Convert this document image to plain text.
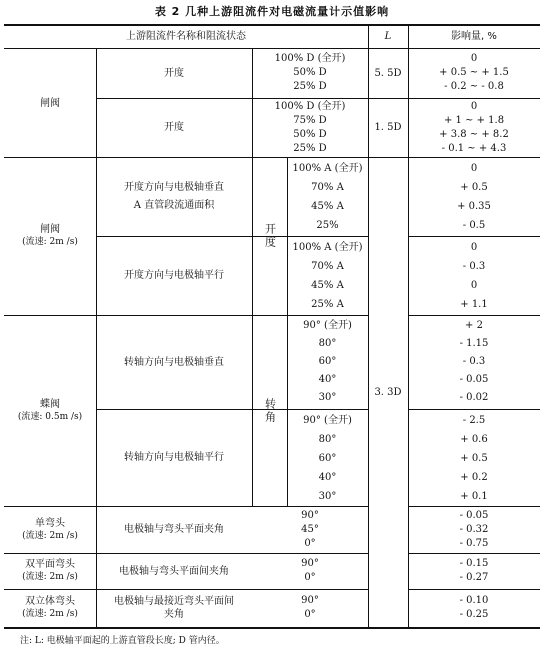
表 2 几种上游阻流件对电磁流量计示值影响
上游阻流件名称和阻流状态	L	影响量, %
闸阀
开度
100% D (全开)
50% D
25% D
5. 5D
0
+ 0.5 ~ + 1.5
- 0.2 ~ - 0.8
开度
100% D (全开)
75% D
50% D
25% D
1. 5D
0
+ 1 ~ + 1.8
+ 3.8 ~ + 8.2
- 0.1 ~ + 4.3
闸阀
(流速: 2m /s)
开度方向与电极轴垂直
A 直管段流通面积
开度
100% A (全开)
70% A
45% A
25%
0
+ 0.5
+ 0.35
- 0.5
开度方向与电极轴平行
100% A (全开)
70% A
45% A
25% A
0
- 0.3
0
+ 1.1
3. 3D
蝶阀
(流速: 0.5m /s)
转轴方向与电极轴垂直
转角
90° (全开)
80°
60°
40°
30°
+ 2
- 1.15
- 0.3
- 0.05
- 0.02
转轴方向与电极轴平行
90° (全开)
80°
60°
40°
30°
- 2.5
+ 0.6
+ 0.5
+ 0.2
+ 0.1
单弯头
(流速: 2m /s)
电极轴与弯头平面夹角
90°
45°
0°
- 0.05
- 0.32
- 0.75
双平面弯头
(流速: 2m /s)
电极轴与弯头平面间夹角
90°
0°
- 0.15
- 0.27
双立体弯头
(流速: 2m /s)
电极轴与最接近弯头平面间
夹角
90°
0°
- 0.10
- 0.25
注: L: 电极轴平面起的上游直管段长度; D 管内径。
